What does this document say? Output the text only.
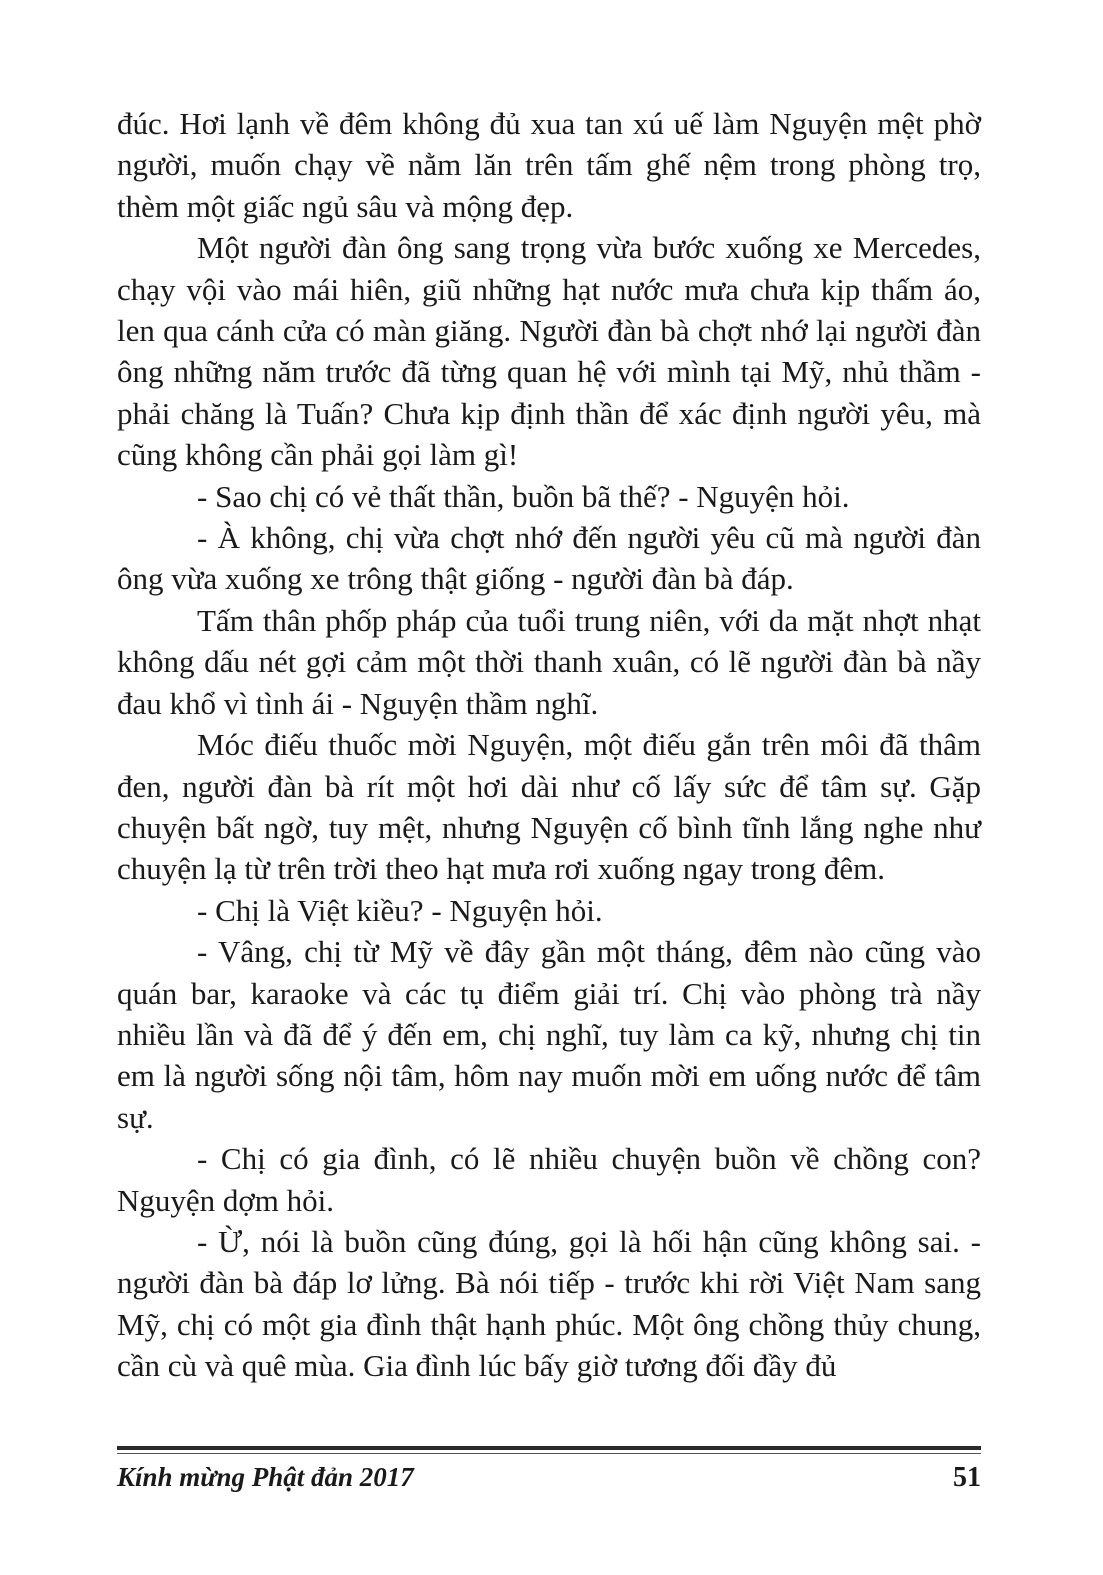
đúc. Hơi lạnh về đêm không đủ xua tan xú uế làm Nguyện mệt phờ người, muốn chạy về nằm lăn trên tấm ghế nệm trong phòng trọ, thèm một giấc ngủ sâu và mộng đẹp.

Một người đàn ông sang trọng vừa bước xuống xe Mercedes, chạy vội vào mái hiên, giũ những hạt nước mưa chưa kịp thấm áo, len qua cánh cửa có màn giăng. Người đàn bà chợt nhớ lại người đàn ông những năm trước đã từng quan hệ với mình tại Mỹ, nhủ thầm - phải chăng là Tuấn? Chưa kịp định thần để xác định người yêu, mà cũng không cần phải gọi làm gì!

- Sao chị có vẻ thất thần, buồn bã thế? - Nguyện hỏi.

- À không, chị vừa chợt nhớ đến người yêu cũ mà người đàn ông vừa xuống xe trông thật giống - người đàn bà đáp.

Tấm thân phốp pháp của tuổi trung niên, với da mặt nhợt nhạt không dấu nét gợi cảm một thời thanh xuân, có lẽ người đàn bà nầy đau khổ vì tình ái - Nguyện thầm nghĩ.

Móc điếu thuốc mời Nguyện, một điếu gắn trên môi đã thâm đen, người đàn bà rít một hơi dài như cố lấy sức để tâm sự. Gặp chuyện bất ngờ, tuy mệt, nhưng Nguyện cố bình tĩnh lắng nghe như chuyện lạ từ trên trời theo hạt mưa rơi xuống ngay trong đêm.

- Chị là Việt kiều? - Nguyện hỏi.

- Vâng, chị từ Mỹ về đây gần một tháng, đêm nào cũng vào quán bar, karaoke và các tụ điểm giải trí. Chị vào phòng trà nầy nhiều lần và đã để ý đến em, chị nghĩ, tuy làm ca kỹ, nhưng chị tin em là người sống nội tâm, hôm nay muốn mời em uống nước để tâm sự.

- Chị có gia đình, có lẽ nhiều chuyện buồn về chồng con? Nguyện dợm hỏi.

- Ừ, nói là buồn cũng đúng, gọi là hối hận cũng không sai. - người đàn bà đáp lơ lửng. Bà nói tiếp - trước khi rời Việt Nam sang Mỹ, chị có một gia đình thật hạnh phúc. Một ông chồng thủy chung, cần cù và quê mùa. Gia đình lúc bấy giờ tương đối đầy đủ

Kính mừng Phật đản 2017	51
